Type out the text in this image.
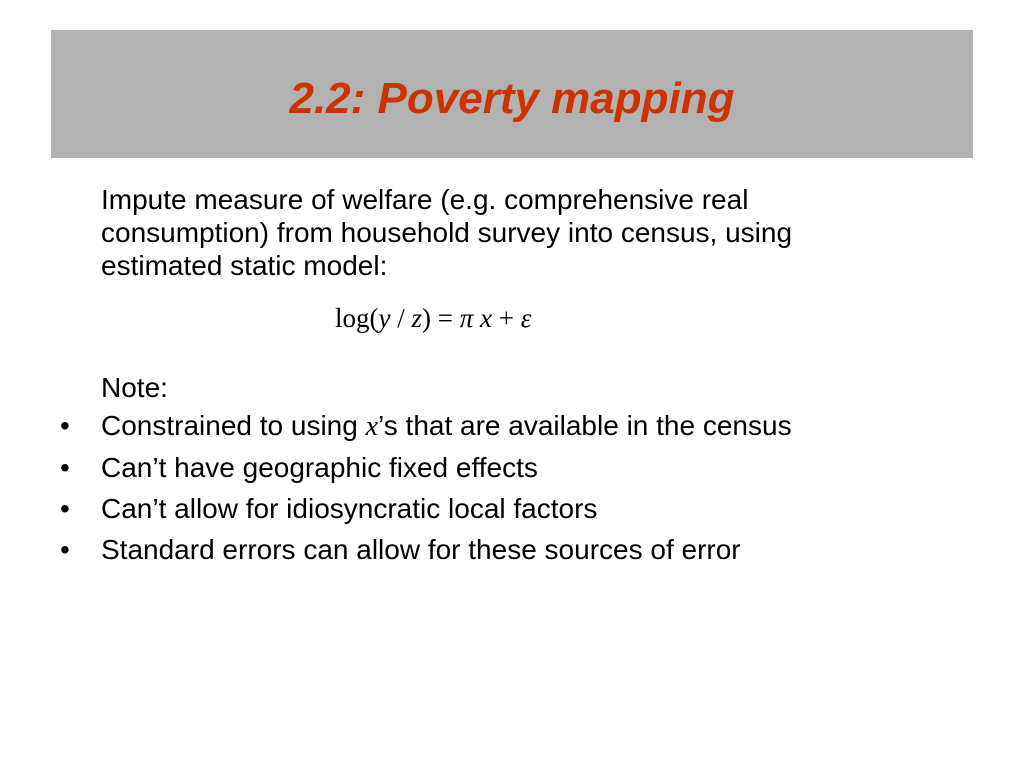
2.2: Poverty mapping
Impute measure of welfare (e.g. comprehensive real consumption) from household survey into census, using estimated static model:
log(y / z) = π x + ε
Note:
• Constrained to using x’s that are available in the census
• Can’t have geographic fixed effects
• Can’t allow for idiosyncratic local factors
• Standard errors can allow for these sources of error
